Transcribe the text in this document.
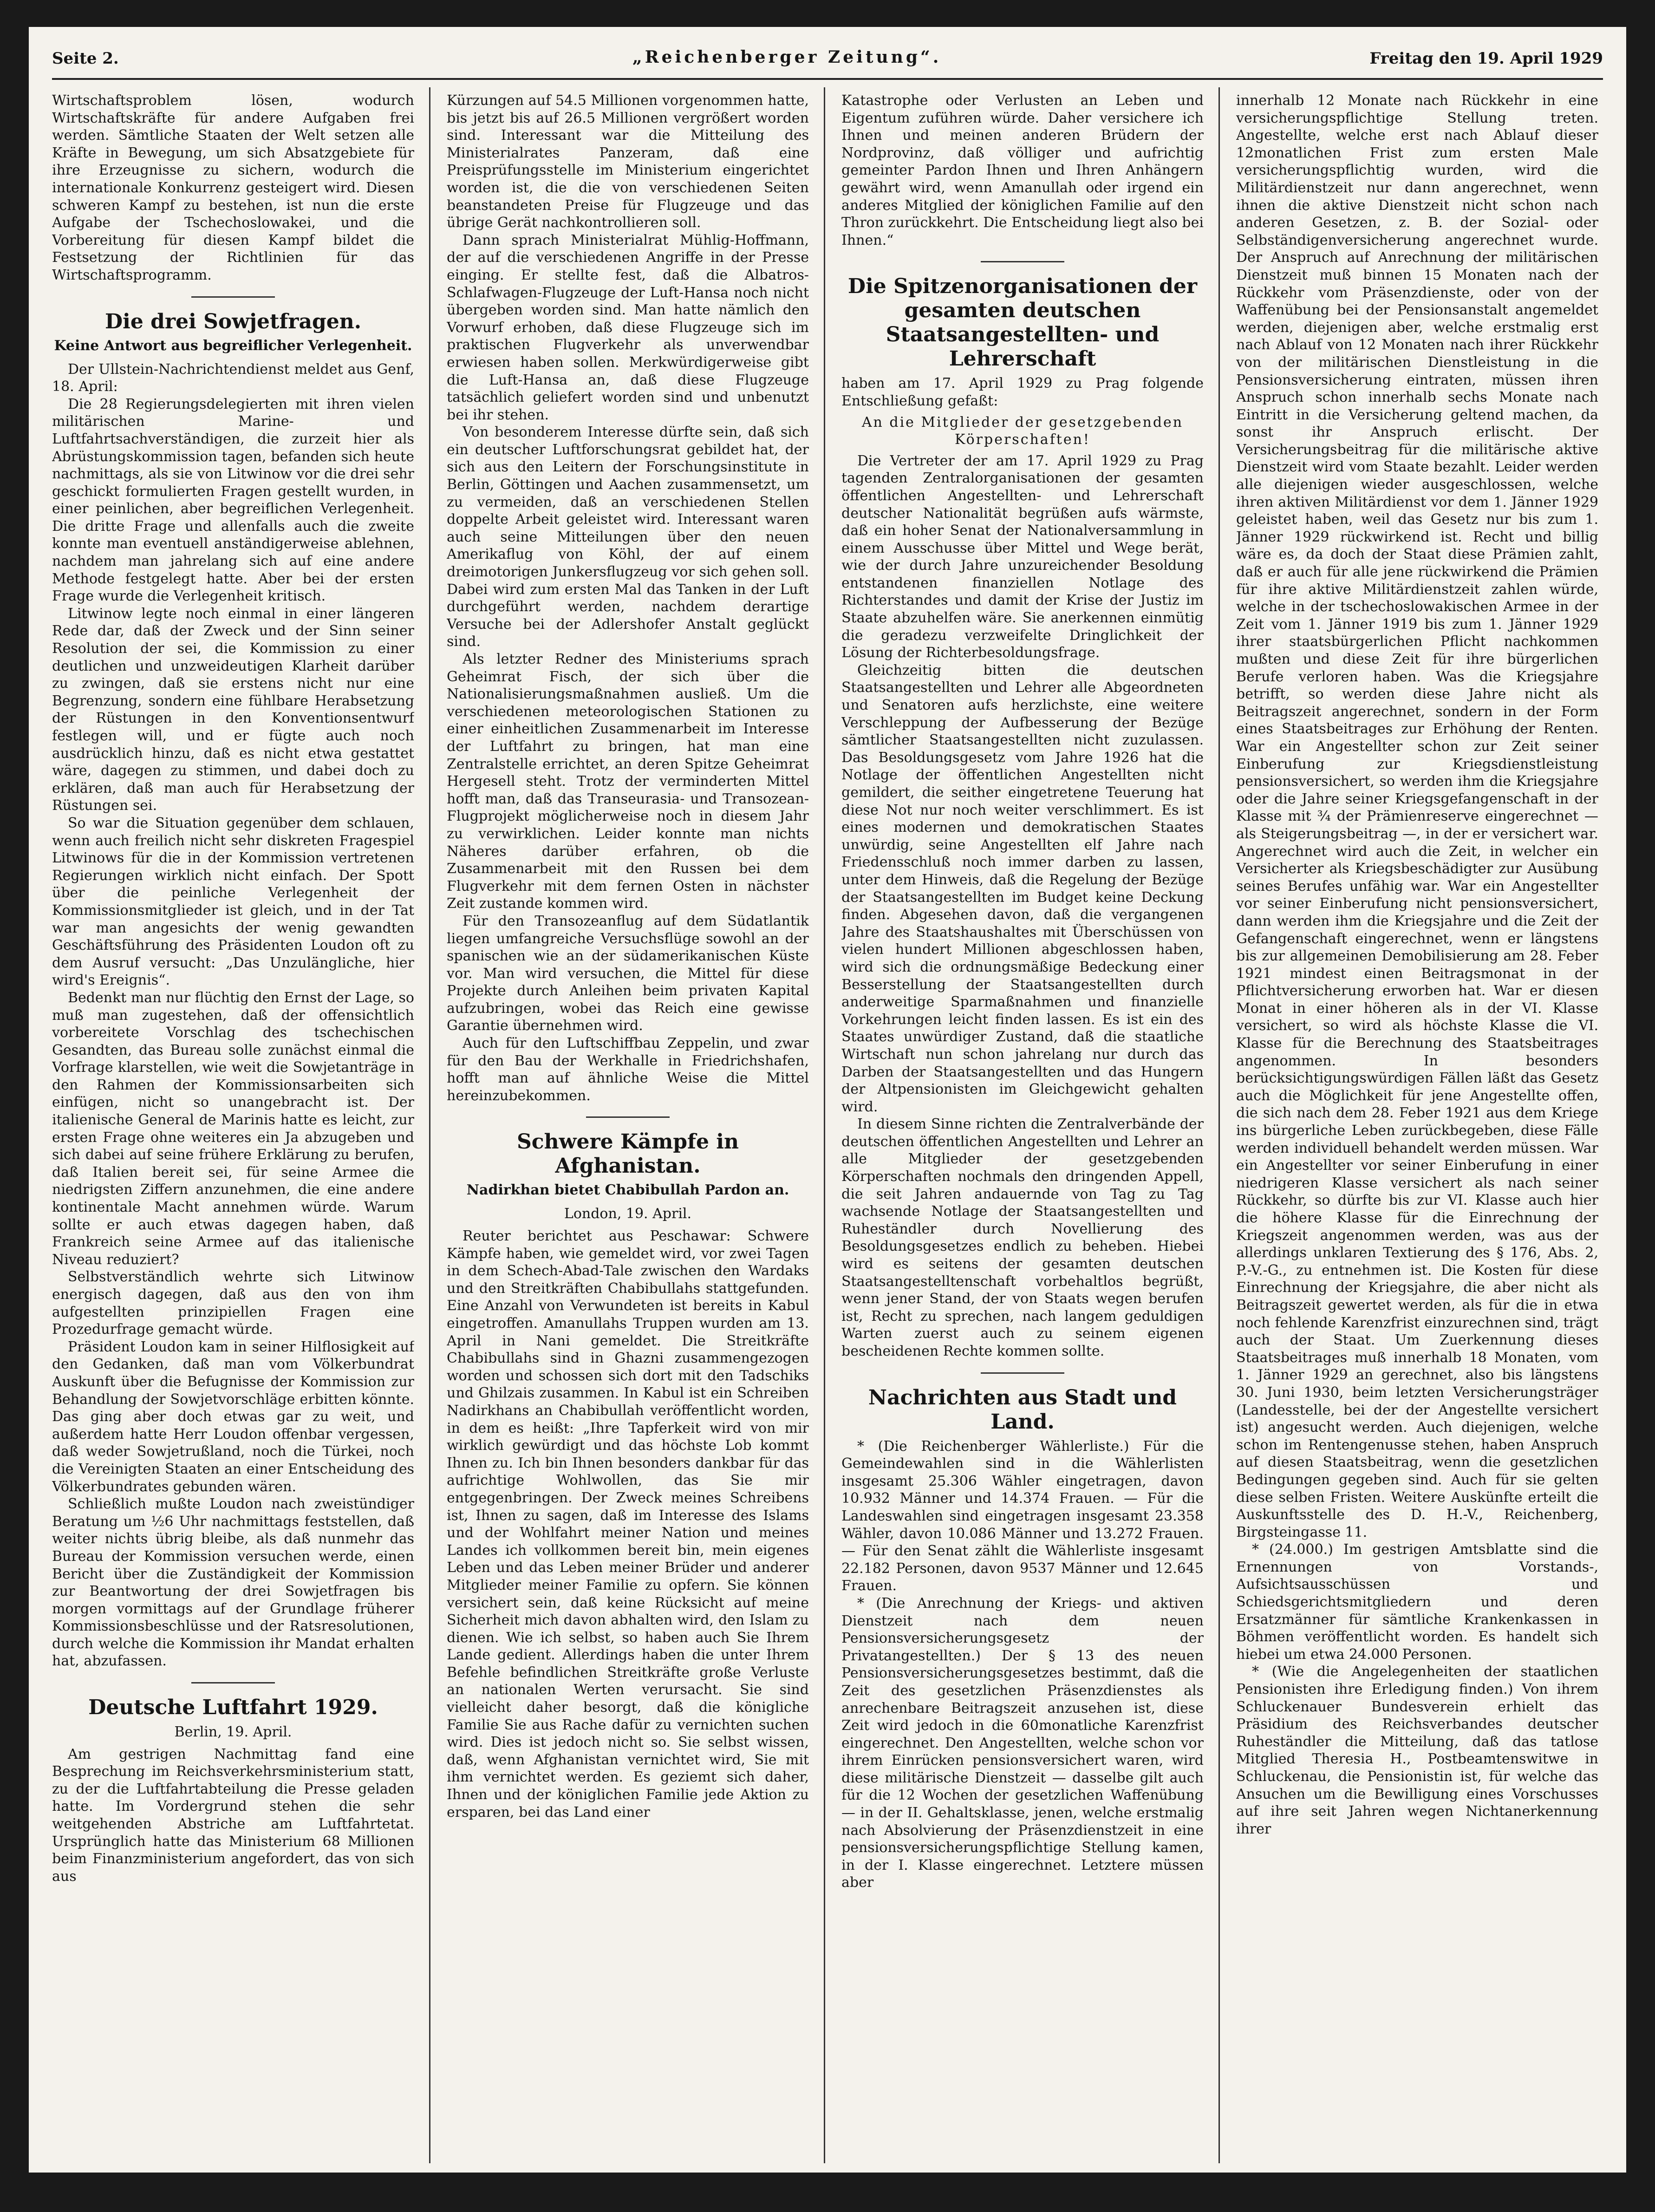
Seite 2.	„Reichenberger Zeitung“.	Freitag den 19. April 1929

Wirtschaftsproblem lösen, wodurch Wirtschaftskräfte für andere Aufgaben frei werden. Sämtliche Staaten der Welt setzen alle Kräfte in Bewegung, um sich Absatzgebiete für ihre Erzeugnisse zu sichern, wodurch die internationale Konkurrenz gesteigert wird. Diesen schweren Kampf zu bestehen, ist nun die erste Aufgabe der Tschechoslowakei, und die Vorbereitung für diesen Kampf bildet die Festsetzung der Richtlinien für das Wirtschaftsprogramm.

Die drei Sowjetfragen.
Keine Antwort aus begreiflicher Verlegenheit.

Der Ullstein-Nachrichtendienst meldet aus Genf, 18. April:

Die 28 Regierungsdelegierten mit ihren vielen militärischen Marine- und Luftfahrtsachverständigen, die zurzeit hier als Abrüstungskommission tagen, befanden sich heute nachmittags, als sie von Litwinow vor die drei sehr geschickt formulierten Fragen gestellt wurden, in einer peinlichen, aber begreiflichen Verlegenheit. Die dritte Frage und allenfalls auch die zweite konnte man eventuell anständigerweise ablehnen, nachdem man jahrelang sich auf eine andere Methode festgelegt hatte. Aber bei der ersten Frage wurde die Verlegenheit kritisch.

Litwinow legte noch einmal in einer längeren Rede dar, daß der Zweck und der Sinn seiner Resolution der sei, die Kommission zu einer deutlichen und unzweideutigen Klarheit darüber zu zwingen, daß sie erstens nicht nur eine Begrenzung, sondern eine fühlbare Herabsetzung der Rüstungen in den Konventionsentwurf festlegen will, und er fügte auch noch ausdrücklich hinzu, daß es nicht etwa gestattet wäre, dagegen zu stimmen, und dabei doch zu erklären, daß man auch für Herabsetzung der Rüstungen sei.

So war die Situation gegenüber dem schlauen, wenn auch freilich nicht sehr diskreten Fragespiel Litwinows für die in der Kommission vertretenen Regierungen wirklich nicht einfach. Der Spott über die peinliche Verlegenheit der Kommissionsmitglieder ist gleich, und in der Tat war man angesichts der wenig gewandten Geschäftsführung des Präsidenten Loudon oft zu dem Ausruf versucht: „Das Unzulängliche, hier wird's Ereignis“.

Bedenkt man nur flüchtig den Ernst der Lage, so muß man zugestehen, daß der offensichtlich vorbereitete Vorschlag des tschechischen Gesandten, das Bureau solle zunächst einmal die Vorfrage klarstellen, wie weit die Sowjetanträge in den Rahmen der Kommissionsarbeiten sich einfügen, nicht so unangebracht ist. Der italienische General de Marinis hatte es leicht, zur ersten Frage ohne weiteres ein Ja abzugeben und sich dabei auf seine frühere Erklärung zu berufen, daß Italien bereit sei, für seine Armee die niedrigsten Ziffern anzunehmen, die eine andere kontinentale Macht annehmen würde. Warum sollte er auch etwas dagegen haben, daß Frankreich seine Armee auf das italienische Niveau reduziert?

Selbstverständlich wehrte sich Litwinow energisch dagegen, daß aus den von ihm aufgestellten prinzipiellen Fragen eine Prozedurfrage gemacht würde.

Präsident Loudon kam in seiner Hilflosigkeit auf den Gedanken, daß man vom Völkerbundrat Auskunft über die Befugnisse der Kommission zur Behandlung der Sowjetvorschläge erbitten könnte. Das ging aber doch etwas gar zu weit, und außerdem hatte Herr Loudon offenbar vergessen, daß weder Sowjetrußland, noch die Türkei, noch die Vereinigten Staaten an einer Entscheidung des Völkerbundrates gebunden wären.

Schließlich mußte Loudon nach zweistündiger Beratung um ½6 Uhr nachmittags feststellen, daß weiter nichts übrig bleibe, als daß nunmehr das Bureau der Kommission versuchen werde, einen Bericht über die Zuständigkeit der Kommission zur Beantwortung der drei Sowjetfragen bis morgen vormittags auf der Grundlage früherer Kommissionsbeschlüsse und der Ratsresolutionen, durch welche die Kommission ihr Mandat erhalten hat, abzufassen.

Deutsche Luftfahrt 1929.
Berlin, 19. April.

Am gestrigen Nachmittag fand eine Besprechung im Reichsverkehrsministerium statt, zu der die Luftfahrtabteilung die Presse geladen hatte. Im Vordergrund stehen die sehr weitgehenden Abstriche am Luftfahrtetat. Ursprünglich hatte das Ministerium 68 Millionen beim Finanzministerium angefordert, das von sich aus

Kürzungen auf 54.5 Millionen vorgenommen hatte, bis jetzt bis auf 26.5 Millionen vergrößert worden sind. Interessant war die Mitteilung des Ministerialrates Panzeram, daß eine Preisprüfungsstelle im Ministerium eingerichtet worden ist, die die von verschiedenen Seiten beanstandeten Preise für Flugzeuge und das übrige Gerät nachkontrollieren soll.

Dann sprach Ministerialrat Mühlig-Hoffmann, der auf die verschiedenen Angriffe in der Presse einging. Er stellte fest, daß die Albatros-Schlafwagen-Flugzeuge der Luft-Hansa noch nicht übergeben worden sind. Man hatte nämlich den Vorwurf erhoben, daß diese Flugzeuge sich im praktischen Flugverkehr als unverwendbar erwiesen haben sollen. Merkwürdigerweise gibt die Luft-Hansa an, daß diese Flugzeuge tatsächlich geliefert worden sind und unbenutzt bei ihr stehen.

Von besonderem Interesse dürfte sein, daß sich ein deutscher Luftforschungsrat gebildet hat, der sich aus den Leitern der Forschungsinstitute in Berlin, Göttingen und Aachen zusammensetzt, um zu vermeiden, daß an verschiedenen Stellen doppelte Arbeit geleistet wird. Interessant waren auch seine Mitteilungen über den neuen Amerikaflug von Köhl, der auf einem dreimotorigen Junkersflugzeug vor sich gehen soll. Dabei wird zum ersten Mal das Tanken in der Luft durchgeführt werden, nachdem derartige Versuche bei der Adlershofer Anstalt geglückt sind.

Als letzter Redner des Ministeriums sprach Geheimrat Fisch, der sich über die Nationalisierungsmaßnahmen ausließ. Um die verschiedenen meteorologischen Stationen zu einer einheitlichen Zusammenarbeit im Interesse der Luftfahrt zu bringen, hat man eine Zentralstelle errichtet, an deren Spitze Geheimrat Hergesell steht. Trotz der verminderten Mittel hofft man, daß das Transeurasia- und Transozean-Flugprojekt möglicherweise noch in diesem Jahr zu verwirklichen. Leider konnte man nichts Näheres darüber erfahren, ob die Zusammenarbeit mit den Russen bei dem Flugverkehr mit dem fernen Osten in nächster Zeit zustande kommen wird.

Für den Transozeanflug auf dem Südatlantik liegen umfangreiche Versuchsflüge sowohl an der spanischen wie an der südamerikanischen Küste vor. Man wird versuchen, die Mittel für diese Projekte durch Anleihen beim privaten Kapital aufzubringen, wobei das Reich eine gewisse Garantie übernehmen wird.

Auch für den Luftschiffbau Zeppelin, und zwar für den Bau der Werkhalle in Friedrichshafen, hofft man auf ähnliche Weise die Mittel hereinzubekommen.

Schwere Kämpfe in Afghanistan.
Nadirkhan bietet Chabibullah Pardon an.
London, 19. April.

Reuter berichtet aus Peschawar: Schwere Kämpfe haben, wie gemeldet wird, vor zwei Tagen in dem Schech-Abad-Tale zwischen den Wardaks und den Streitkräften Chabibullahs stattgefunden. Eine Anzahl von Verwundeten ist bereits in Kabul eingetroffen. Amanullahs Truppen wurden am 13. April in Nani gemeldet. Die Streitkräfte Chabibullahs sind in Ghazni zusammengezogen worden und schossen sich dort mit den Tadschiks und Ghilzais zusammen. In Kabul ist ein Schreiben Nadirkhans an Chabibullah veröffentlicht worden, in dem es heißt: „Ihre Tapferkeit wird von mir wirklich gewürdigt und das höchste Lob kommt Ihnen zu. Ich bin Ihnen besonders dankbar für das aufrichtige Wohlwollen, das Sie mir entgegenbringen. Der Zweck meines Schreibens ist, Ihnen zu sagen, daß im Interesse des Islams und der Wohlfahrt meiner Nation und meines Landes ich vollkommen bereit bin, mein eigenes Leben und das Leben meiner Brüder und anderer Mitglieder meiner Familie zu opfern. Sie können versichert sein, daß keine Rücksicht auf meine Sicherheit mich davon abhalten wird, den Islam zu dienen. Wie ich selbst, so haben auch Sie Ihrem Lande gedient. Allerdings haben die unter Ihrem Befehle befindlichen Streitkräfte große Verluste an nationalen Werten verursacht. Sie sind vielleicht daher besorgt, daß die königliche Familie Sie aus Rache dafür zu vernichten suchen wird. Dies ist jedoch nicht so. Sie selbst wissen, daß, wenn Afghanistan vernichtet wird, Sie mit ihm vernichtet werden. Es geziemt sich daher, Ihnen und der königlichen Familie jede Aktion zu ersparen, bei das Land einer

Katastrophe oder Verlusten an Leben und Eigentum zuführen würde. Daher versichere ich Ihnen und meinen anderen Brüdern der Nordprovinz, daß völliger und aufrichtig gemeinter Pardon Ihnen und Ihren Anhängern gewährt wird, wenn Amanullah oder irgend ein anderes Mitglied der königlichen Familie auf den Thron zurückkehrt. Die Entscheidung liegt also bei Ihnen.“

Die Spitzenorganisationen der gesamten deutschen Staatsangestellten- und Lehrerschaft

haben am 17. April 1929 zu Prag folgende Entschließung gefaßt:

An die Mitglieder der gesetzgebenden Körperschaften!

Die Vertreter der am 17. April 1929 zu Prag tagenden Zentralorganisationen der gesamten öffentlichen Angestellten- und Lehrerschaft deutscher Nationalität begrüßen aufs wärmste, daß ein hoher Senat der Nationalversammlung in einem Ausschusse über Mittel und Wege berät, wie der durch Jahre unzureichender Besoldung entstandenen finanziellen Notlage des Richterstandes und damit der Krise der Justiz im Staate abzuhelfen wäre. Sie anerkennen einmütig die geradezu verzweifelte Dringlichkeit der Lösung der Richterbesoldungsfrage.

Gleichzeitig bitten die deutschen Staatsangestellten und Lehrer alle Abgeordneten und Senatoren aufs herzlichste, eine weitere Verschleppung der Aufbesserung der Bezüge sämtlicher Staatsangestellten nicht zuzulassen. Das Besoldungsgesetz vom Jahre 1926 hat die Notlage der öffentlichen Angestellten nicht gemildert, die seither eingetretene Teuerung hat diese Not nur noch weiter verschlimmert. Es ist eines modernen und demokratischen Staates unwürdig, seine Angestellten elf Jahre nach Friedensschluß noch immer darben zu lassen, unter dem Hinweis, daß die Regelung der Bezüge der Staatsangestellten im Budget keine Deckung finden. Abgesehen davon, daß die vergangenen Jahre des Staatshaushaltes mit Überschüssen von vielen hundert Millionen abgeschlossen haben, wird sich die ordnungsmäßige Bedeckung einer Besserstellung der Staatsangestellten durch anderweitige Sparmaßnahmen und finanzielle Vorkehrungen leicht finden lassen. Es ist ein des Staates unwürdiger Zustand, daß die staatliche Wirtschaft nun schon jahrelang nur durch das Darben der Staatsangestellten und das Hungern der Altpensionisten im Gleichgewicht gehalten wird.

In diesem Sinne richten die Zentralverbände der deutschen öffentlichen Angestellten und Lehrer an alle Mitglieder der gesetzgebenden Körperschaften nochmals den dringenden Appell, die seit Jahren andauernde von Tag zu Tag wachsende Notlage der Staatsangestellten und Ruheständler durch Novellierung des Besoldungsgesetzes endlich zu beheben. Hiebei wird es seitens der gesamten deutschen Staatsangestelltenschaft vorbehaltlos begrüßt, wenn jener Stand, der von Staats wegen berufen ist, Recht zu sprechen, nach langem geduldigen Warten zuerst auch zu seinem eigenen bescheidenen Rechte kommen sollte.

Nachrichten aus Stadt und Land.

* (Die Reichenberger Wählerliste.) Für die Gemeindewahlen sind in die Wählerlisten insgesamt 25.306 Wähler eingetragen, davon 10.932 Männer und 14.374 Frauen. — Für die Landeswahlen sind eingetragen insgesamt 23.358 Wähler, davon 10.086 Männer und 13.272 Frauen. — Für den Senat zählt die Wählerliste insgesamt 22.182 Personen, davon 9537 Männer und 12.645 Frauen.

* (Die Anrechnung der Kriegs- und aktiven Dienstzeit nach dem neuen Pensionsversicherungsgesetz der Privatangestellten.) Der § 13 des neuen Pensionsversicherungsgesetzes bestimmt, daß die Zeit des gesetzlichen Präsenzdienstes als anrechenbare Beitragszeit anzusehen ist, diese Zeit wird jedoch in die 60monatliche Karenzfrist eingerechnet. Den Angestellten, welche schon vor ihrem Einrücken pensionsversichert waren, wird diese militärische Dienstzeit — dasselbe gilt auch für die 12 Wochen der gesetzlichen Waffenübung — in der II. Gehaltsklasse, jenen, welche erstmalig nach Absolvierung der Präsenzdienstzeit in eine pensionsversicherungspflichtige Stellung kamen, in der I. Klasse eingerechnet. Letztere müssen aber

innerhalb 12 Monate nach Rückkehr in eine versicherungspflichtige Stellung treten. Angestellte, welche erst nach Ablauf dieser 12monatlichen Frist zum ersten Male versicherungspflichtig wurden, wird die Militärdienstzeit nur dann angerechnet, wenn ihnen die aktive Dienstzeit nicht schon nach anderen Gesetzen, z. B. der Sozial- oder Selbständigenversicherung angerechnet wurde. Der Anspruch auf Anrechnung der militärischen Dienstzeit muß binnen 15 Monaten nach der Rückkehr vom Präsenzdienste, oder von der Waffenübung bei der Pensionsanstalt angemeldet werden, diejenigen aber, welche erstmalig erst nach Ablauf von 12 Monaten nach ihrer Rückkehr von der militärischen Dienstleistung in die Pensionsversicherung eintraten, müssen ihren Anspruch schon innerhalb sechs Monate nach Eintritt in die Versicherung geltend machen, da sonst ihr Anspruch erlischt. Der Versicherungsbeitrag für die militärische aktive Dienstzeit wird vom Staate bezahlt. Leider werden alle diejenigen wieder ausgeschlossen, welche ihren aktiven Militärdienst vor dem 1. Jänner 1929 geleistet haben, weil das Gesetz nur bis zum 1. Jänner 1929 rückwirkend ist. Recht und billig wäre es, da doch der Staat diese Prämien zahlt, daß er auch für alle jene rückwirkend die Prämien für ihre aktive Militärdienstzeit zahlen würde, welche in der tschechoslowakischen Armee in der Zeit vom 1. Jänner 1919 bis zum 1. Jänner 1929 ihrer staatsbürgerlichen Pflicht nachkommen mußten und diese Zeit für ihre bürgerlichen Berufe verloren haben. Was die Kriegsjahre betrifft, so werden diese Jahre nicht als Beitragszeit angerechnet, sondern in der Form eines Staatsbeitrages zur Erhöhung der Renten. War ein Angestellter schon zur Zeit seiner Einberufung zur Kriegsdienstleistung pensionsversichert, so werden ihm die Kriegsjahre oder die Jahre seiner Kriegsgefangenschaft in der Klasse mit ¾ der Prämienreserve eingerechnet — als Steigerungsbeitrag —, in der er versichert war. Angerechnet wird auch die Zeit, in welcher ein Versicherter als Kriegsbeschädigter zur Ausübung seines Berufes unfähig war. War ein Angestellter vor seiner Einberufung nicht pensionsversichert, dann werden ihm die Kriegsjahre und die Zeit der Gefangenschaft eingerechnet, wenn er längstens bis zur allgemeinen Demobilisierung am 28. Feber 1921 mindest einen Beitragsmonat in der Pflichtversicherung erworben hat. War er diesen Monat in einer höheren als in der VI. Klasse versichert, so wird als höchste Klasse die VI. Klasse für die Berechnung des Staatsbeitrages angenommen. In besonders berücksichtigungswürdigen Fällen läßt das Gesetz auch die Möglichkeit für jene Angestellte offen, die sich nach dem 28. Feber 1921 aus dem Kriege ins bürgerliche Leben zurückbegeben, diese Fälle werden individuell behandelt werden müssen. War ein Angestellter vor seiner Einberufung in einer niedrigeren Klasse versichert als nach seiner Rückkehr, so dürfte bis zur VI. Klasse auch hier die höhere Klasse für die Einrechnung der Kriegszeit angenommen werden, was aus der allerdings unklaren Textierung des § 176, Abs. 2, P.-V.-G., zu entnehmen ist. Die Kosten für diese Einrechnung der Kriegsjahre, die aber nicht als Beitragszeit gewertet werden, als für die in etwa noch fehlende Karenzfrist einzurechnen sind, trägt auch der Staat. Um Zuerkennung dieses Staatsbeitrages muß innerhalb 18 Monaten, vom 1. Jänner 1929 an gerechnet, also bis längstens 30. Juni 1930, beim letzten Versicherungsträger (Landesstelle, bei der der Angestellte versichert ist) angesucht werden. Auch diejenigen, welche schon im Rentengenusse stehen, haben Anspruch auf diesen Staatsbeitrag, wenn die gesetzlichen Bedingungen gegeben sind. Auch für sie gelten diese selben Fristen. Weitere Auskünfte erteilt die Auskunftsstelle des D. H.-V., Reichenberg, Birgsteingasse 11.

* (24.000.) Im gestrigen Amtsblatte sind die Ernennungen von Vorstands-, Aufsichtsausschüssen und Schiedsgerichtsmitgliedern und deren Ersatzmänner für sämtliche Krankenkassen in Böhmen veröffentlicht worden. Es handelt sich hiebei um etwa 24.000 Personen.

* (Wie die Angelegenheiten der staatlichen Pensionisten ihre Erledigung finden.) Von ihrem Schluckenauer Bundesverein erhielt das Präsidium des Reichsverbandes deutscher Ruheständler die Mitteilung, daß das tatlose Mitglied Theresia H., Postbeamtenswitwe in Schluckenau, die Pensionistin ist, für welche das Ansuchen um die Bewilligung eines Vorschusses auf ihre seit Jahren wegen Nichtanerkennung ihrer
